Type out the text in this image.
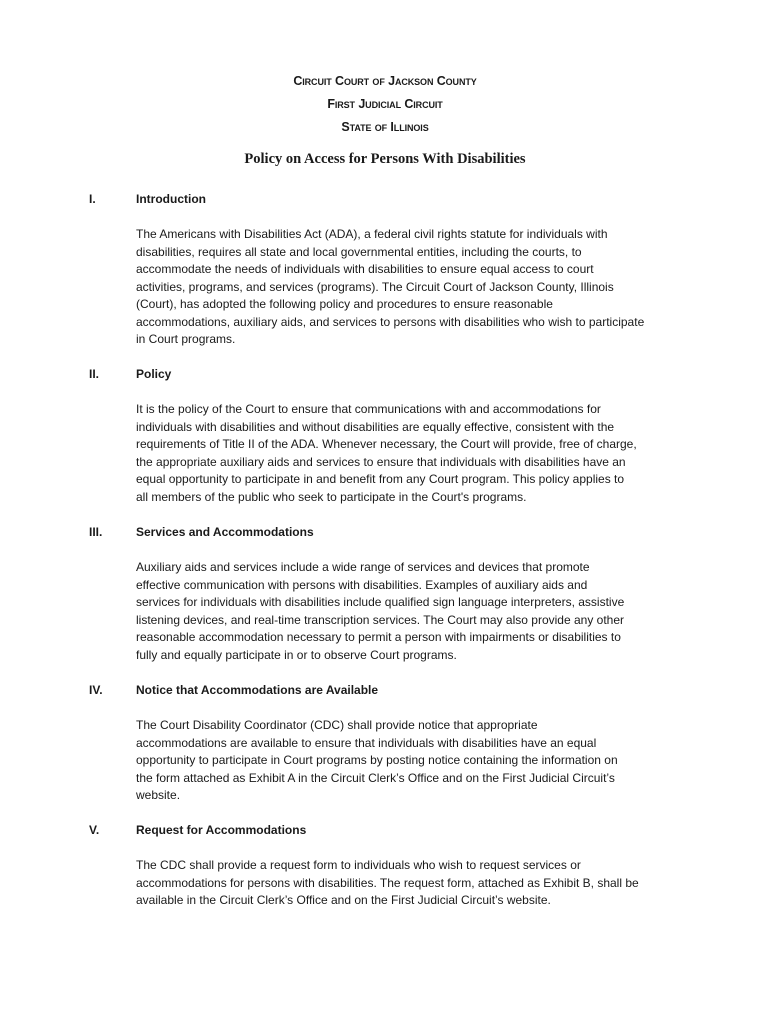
Circuit Court of Jackson County
First Judicial Circuit
State of Illinois
Policy on Access for Persons With Disabilities
I.	Introduction
The Americans with Disabilities Act (ADA), a federal civil rights statute for individuals with
disabilities, requires all state and local governmental entities, including the courts, to
accommodate the needs of individuals with disabilities to ensure equal access to court
activities, programs, and services (programs). The Circuit Court of Jackson County, Illinois
(Court), has adopted the following policy and procedures to ensure reasonable
accommodations, auxiliary aids, and services to persons with disabilities who wish to participate
in Court programs.
II.	Policy
It is the policy of the Court to ensure that communications with and accommodations for
individuals with disabilities and without disabilities are equally effective, consistent with the
requirements of Title II of the ADA. Whenever necessary, the Court will provide, free of charge,
the appropriate auxiliary aids and services to ensure that individuals with disabilities have an
equal opportunity to participate in and benefit from any Court program. This policy applies to
all members of the public who seek to participate in the Court's programs.
III.	Services and Accommodations
Auxiliary aids and services include a wide range of services and devices that promote
effective communication with persons with disabilities. Examples of auxiliary aids and
services for individuals with disabilities include qualified sign language interpreters, assistive
listening devices, and real-time transcription services. The Court may also provide any other
reasonable accommodation necessary to permit a person with impairments or disabilities to
fully and equally participate in or to observe Court programs.
IV.	Notice that Accommodations are Available
The Court Disability Coordinator (CDC) shall provide notice that appropriate
accommodations are available to ensure that individuals with disabilities have an equal
opportunity to participate in Court programs by posting notice containing the information on
the form attached as Exhibit A in the Circuit Clerk’s Office and on the First Judicial Circuit’s
website.
V.	Request for Accommodations
The CDC shall provide a request form to individuals who wish to request services or
accommodations for persons with disabilities. The request form, attached as Exhibit B, shall be
available in the Circuit Clerk’s Office and on the First Judicial Circuit’s website.
